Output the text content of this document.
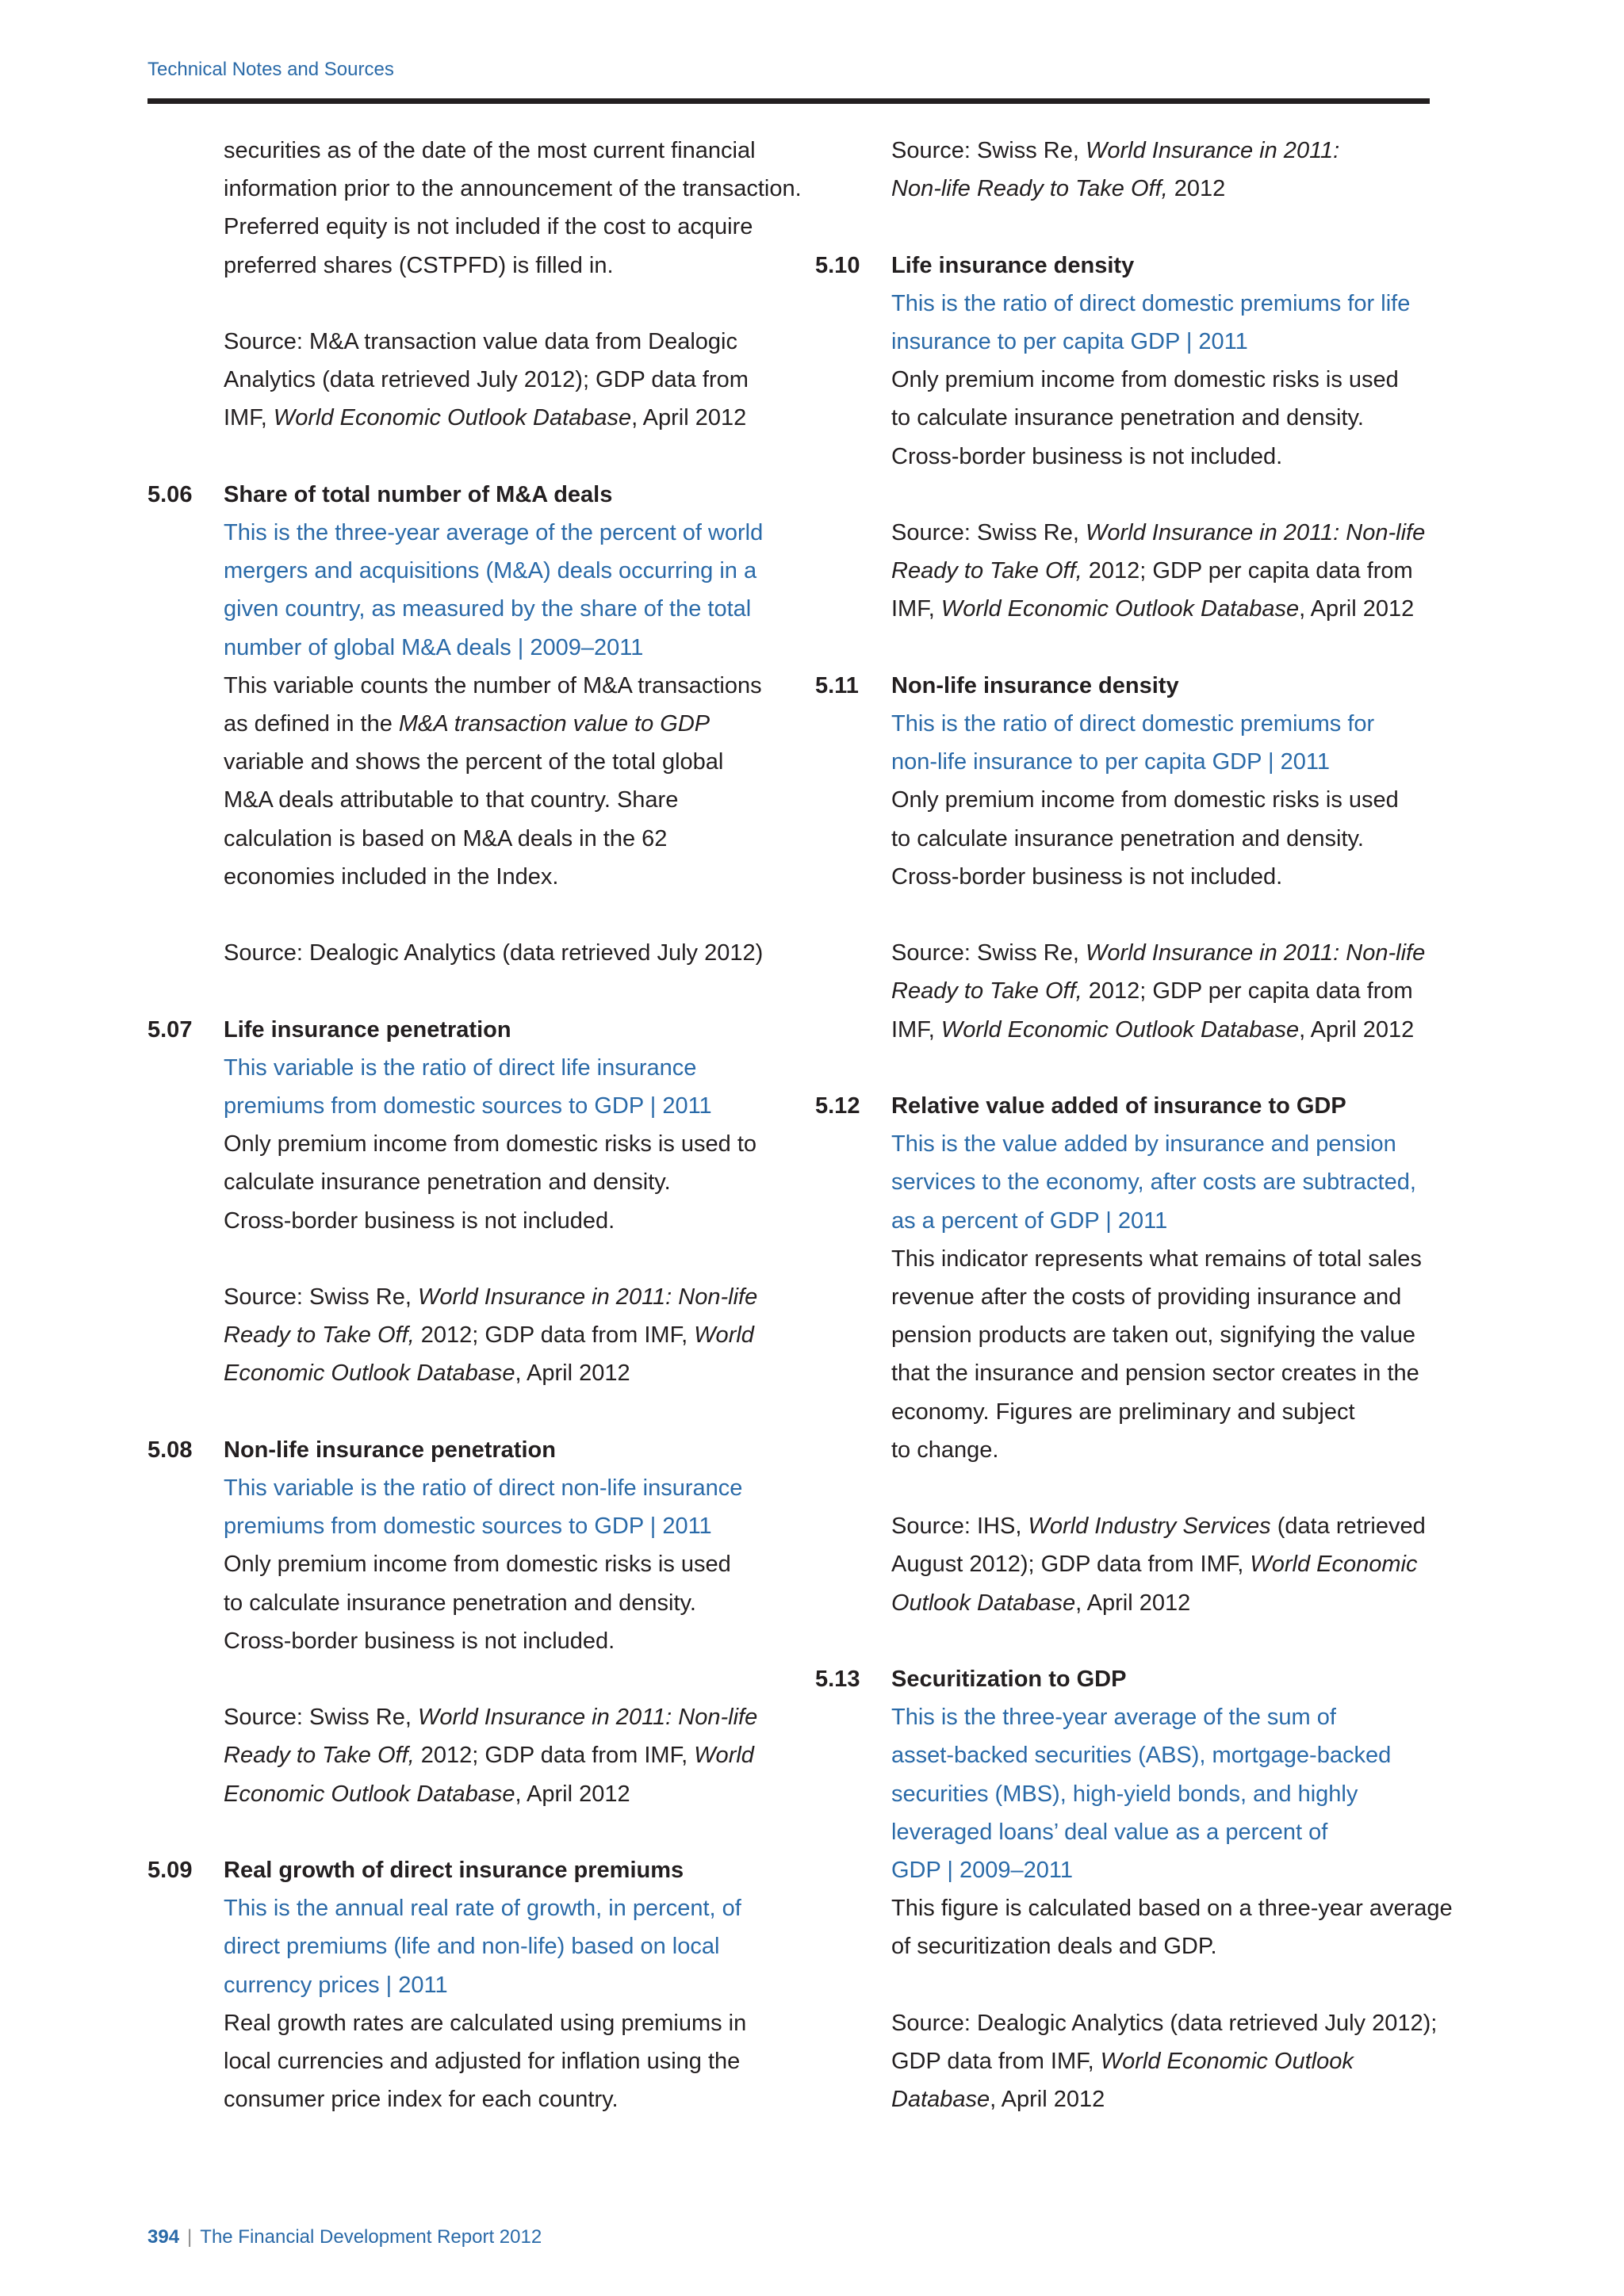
Technical Notes and Sources
securities as of the date of the most current financial
information prior to the announcement of the transaction.
Preferred equity is not included if the cost to acquire
preferred shares (CSTPFD) is filled in.
Source: M&A transaction value data from Dealogic
Analytics (data retrieved July 2012); GDP data from
IMF, World Economic Outlook Database, April 2012
5.06 Share of total number of M&A deals
This is the three-year average of the percent of world
mergers and acquisitions (M&A) deals occurring in a
given country, as measured by the share of the total
number of global M&A deals | 2009–2011
This variable counts the number of M&A transactions
as defined in the M&A transaction value to GDP
variable and shows the percent of the total global
M&A deals attributable to that country. Share
calculation is based on M&A deals in the 62
economies included in the Index.
Source: Dealogic Analytics (data retrieved July 2012)
5.07 Life insurance penetration
This variable is the ratio of direct life insurance
premiums from domestic sources to GDP | 2011
Only premium income from domestic risks is used to
calculate insurance penetration and density.
Cross-border business is not included.
Source: Swiss Re, World Insurance in 2011: Non-life
Ready to Take Off, 2012; GDP data from IMF, World
Economic Outlook Database, April 2012
5.08 Non-life insurance penetration
This variable is the ratio of direct non-life insurance
premiums from domestic sources to GDP | 2011
Only premium income from domestic risks is used
to calculate insurance penetration and density.
Cross-border business is not included.
Source: Swiss Re, World Insurance in 2011: Non-life
Ready to Take Off, 2012; GDP data from IMF, World
Economic Outlook Database, April 2012
5.09 Real growth of direct insurance premiums
This is the annual real rate of growth, in percent, of
direct premiums (life and non-life) based on local
currency prices | 2011
Real growth rates are calculated using premiums in
local currencies and adjusted for inflation using the
consumer price index for each country.
Source: Swiss Re, World Insurance in 2011:
Non-life Ready to Take Off, 2012
5.10 Life insurance density
This is the ratio of direct domestic premiums for life
insurance to per capita GDP | 2011
Only premium income from domestic risks is used
to calculate insurance penetration and density.
Cross-border business is not included.
Source: Swiss Re, World Insurance in 2011: Non-life
Ready to Take Off, 2012; GDP per capita data from
IMF, World Economic Outlook Database, April 2012
5.11 Non-life insurance density
This is the ratio of direct domestic premiums for
non-life insurance to per capita GDP | 2011
Only premium income from domestic risks is used
to calculate insurance penetration and density.
Cross-border business is not included.
Source: Swiss Re, World Insurance in 2011: Non-life
Ready to Take Off, 2012; GDP per capita data from
IMF, World Economic Outlook Database, April 2012
5.12 Relative value added of insurance to GDP
This is the value added by insurance and pension
services to the economy, after costs are subtracted,
as a percent of GDP | 2011
This indicator represents what remains of total sales
revenue after the costs of providing insurance and
pension products are taken out, signifying the value
that the insurance and pension sector creates in the
economy. Figures are preliminary and subject
to change.
Source: IHS, World Industry Services (data retrieved
August 2012); GDP data from IMF, World Economic
Outlook Database, April 2012
5.13 Securitization to GDP
This is the three-year average of the sum of
asset-backed securities (ABS), mortgage-backed
securities (MBS), high-yield bonds, and highly
leveraged loans’ deal value as a percent of
GDP | 2009–2011
This figure is calculated based on a three-year average
of securitization deals and GDP.
Source: Dealogic Analytics (data retrieved July 2012);
GDP data from IMF, World Economic Outlook
Database, April 2012
394 | The Financial Development Report 2012
